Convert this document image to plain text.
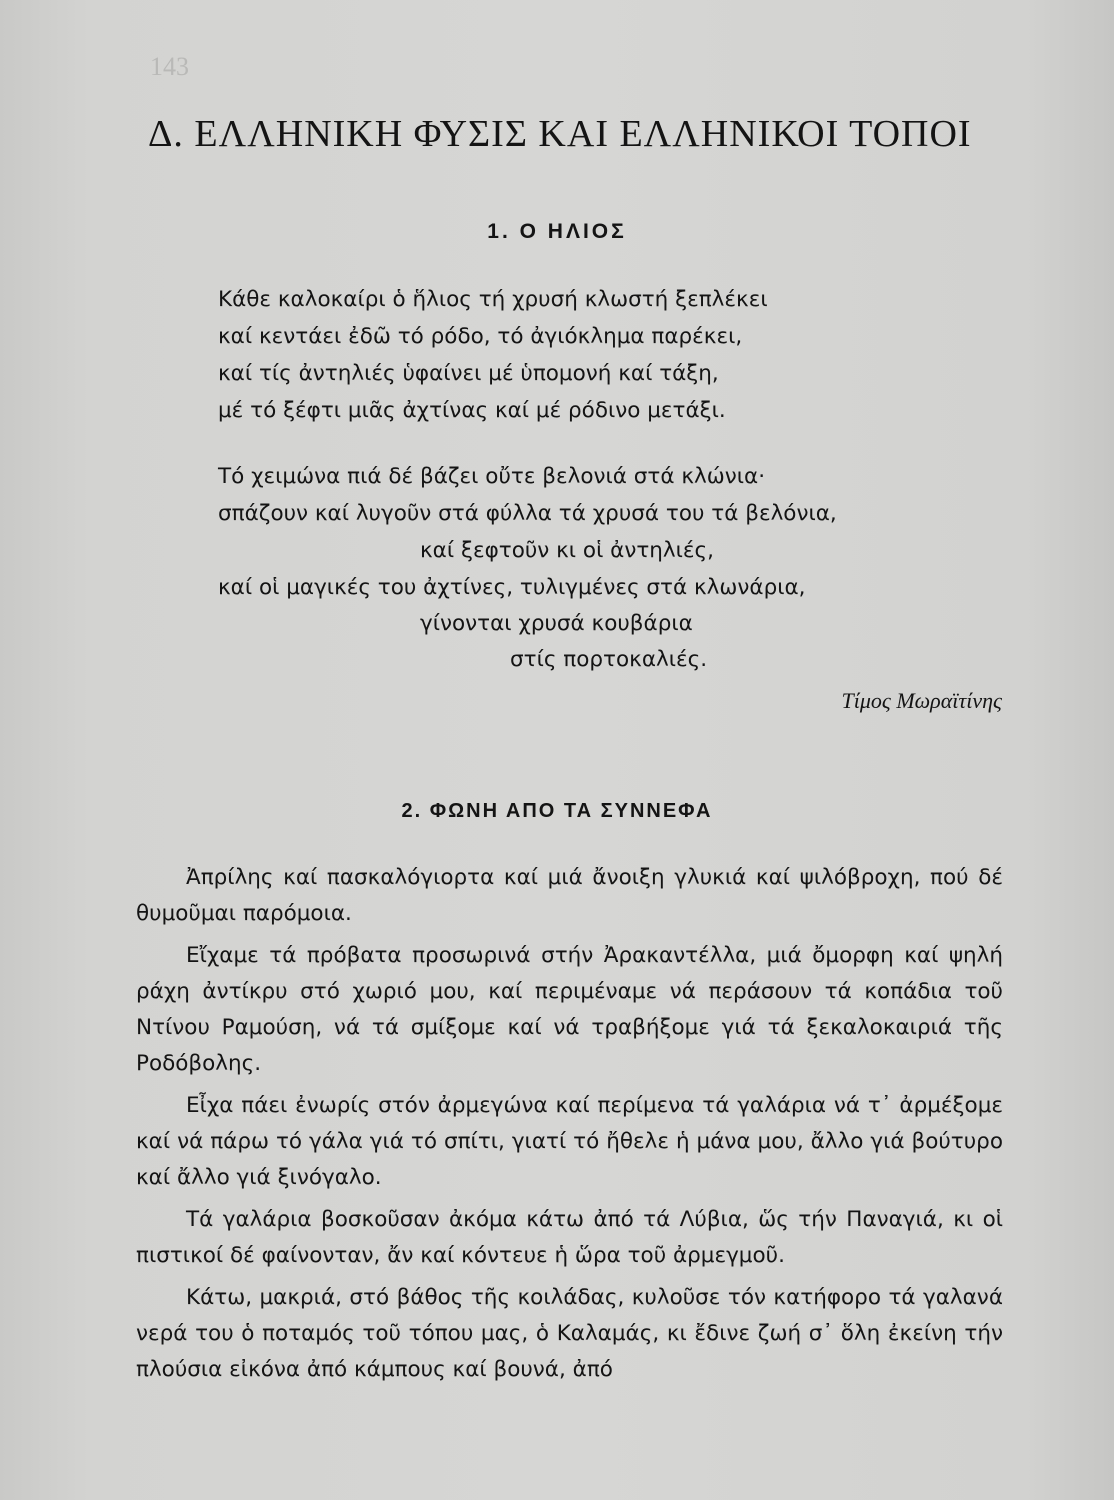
143
Δ. ΕΛΛΗΝΙΚΗ ΦΥΣΙΣ ΚΑΙ ΕΛΛΗΝΙΚΟΙ ΤΟΠΟΙ
1. Ο ΗΛΙΟΣ
Κάθε καλοκαίρι ὁ ἥλιος τή χρυσή κλωστή ξεπλέκει
καί κεντάει ἐδῶ τό ρόδο, τό ἀγιόκλημα παρέκει,
καί τίς ἀντηλιές ὑφαίνει μέ ὑπομονή καί τάξη,
μέ τό ξέφτι μιᾶς ἀχτίνας καί μέ ρόδινο μετάξι.
Τό χειμώνα πιά δέ βάζει οὔτε βελονιά στά κλώνια·
σπάζουν καί λυγοῦν στά φύλλα τά χρυσά του τά βελόνια,
καί ξεφτοῦν κι οἱ ἀντηλιές,
καί οἱ μαγικές του ἀχτίνες, τυλιγμένες στά κλωνάρια,
γίνονται χρυσά κουβάρια
στίς πορτοκαλιές.
Τίμος Μωραϊτίνης
2. ΦΩΝΗ ΑΠΟ ΤΑ ΣΥΝΝΕΦΑ

Ἀπρίλης καί πασκαλόγιορτα καί μιά ἄνοιξη γλυκιά καί ψιλόβροχη, πού δέ θυμοῦμαι παρόμοια.

Εἴχαμε τά πρόβατα προσωρινά στήν Ἀρακαντέλλα, μιά ὄμορφη καί ψηλή ράχη ἀντίκρυ στό χωριό μου, καί περιμέναμε νά περάσουν τά κοπάδια τοῦ Ντίνου Ραμούση, νά τά σμίξομε καί νά τραβήξομε γιά τά ξεκαλοκαιριά τῆς Ροδόβολης.

Εἶχα πάει ἐνωρίς στόν ἀρμεγώνα καί περίμενα τά γαλάρια νά τ᾽ ἀρμέξομε καί νά πάρω τό γάλα γιά τό σπίτι, γιατί τό ἤθελε ἡ μάνα μου, ἄλλο γιά βούτυρο καί ἄλλο γιά ξινόγαλο.

Τά γαλάρια βοσκοῦσαν ἀκόμα κάτω ἀπό τά Λύβια, ὥς τήν Παναγιά, κι οἱ πιστικοί δέ φαίνονταν, ἄν καί κόντευε ἡ ὥρα τοῦ ἀρμεγμοῦ.

Κάτω, μακριά, στό βάθος τῆς κοιλάδας, κυλοῦσε τόν κατήφορο τά γαλανά νερά του ὁ ποταμός τοῦ τόπου μας, ὁ Καλαμάς, κι ἔδινε ζωή σ᾽ ὅλη ἐκείνη τήν πλούσια εἰκόνα ἀπό κάμπους καί βουνά, ἀπό
